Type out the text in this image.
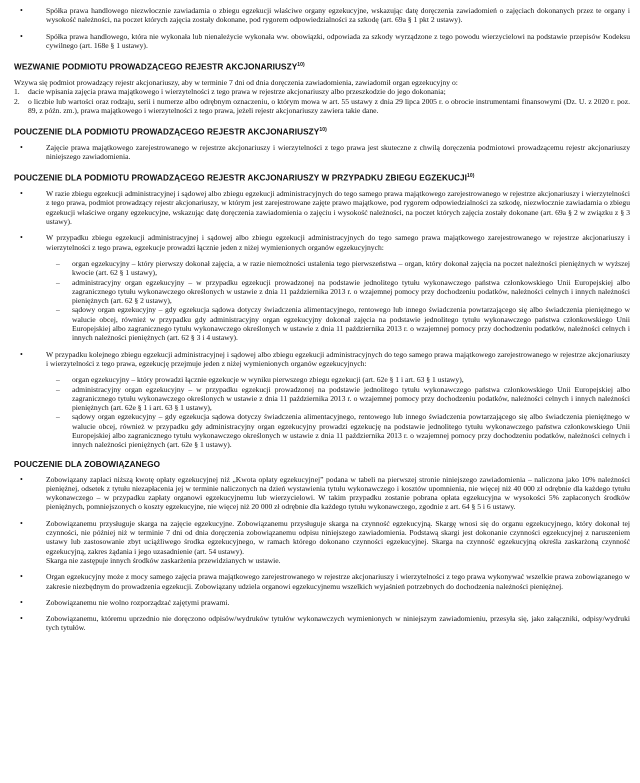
•	Spółka prawa handlowego niezwłocznie zawiadamia o zbiegu egzekucji właściwe organy egzekucyjne, wskazując datę doręczenia zawiadomień o zajęciach dokonanych przez te organy i wysokość należności, na poczet których zajęcia zostały dokonane, pod rygorem odpowiedzialności za szkodę (art. 69a § 1 pkt 2 ustawy).
•	Spółka prawa handlowego, która nie wykonała lub nienależycie wykonała ww. obowiązki, odpowiada za szkody wyrządzone z tego powodu wierzycielowi na podstawie przepisów Kodeksu cywilnego (art. 168e § 1 ustawy).
WEZWANIE PODMIOTU PROWADZĄCEGO REJESTR AKCJONARIUSZY$^{10)}$

Wzywa się podmiot prowadzący rejestr akcjonariuszy, aby w terminie 7 dni od dnia doręczenia zawiadomienia, zawiadomił organ egzekucyjny o:

1. dacie wpisania zajęcia prawa majątkowego i wierzytelności z tego prawa w rejestrze akcjonariuszy albo przeszkodzie do jego dokonania;
2. o liczbie lub wartości oraz rodzaju, serii i numerze albo odrębnym oznaczeniu, o którym mowa w art. 55 ustawy z dnia 29 lipca 2005 r. o obrocie instrumentami finansowymi (Dz. U. z 2020 r. poz. 89, z późn. zm.), prawa majątkowego i wierzytelności z tego prawa, jeżeli rejestr akcjonariuszy zawiera takie dane.
POUCZENIE DLA PODMIOTU PROWADZĄCEGO REJESTR AKCJONARIUSZY$^{10)}$
•	Zajęcie prawa majątkowego zarejestrowanego w rejestrze akcjonariuszy i wierzytelności z tego prawa jest skuteczne z chwilą doręczenia podmiotowi prowadzącemu rejestr akcjonariuszy niniejszego zawiadomienia.
POUCZENIE DLA PODMIOTU PROWADZĄCEGO REJESTR AKCJONARIUSZY W PRZYPADKU ZBIEGU EGZEKUCJI$^{10)}$
•	W razie zbiegu egzekucji administracyjnej i sądowej albo zbiegu egzekucji administracyjnych do tego samego prawa majątkowego zarejestrowanego w rejestrze akcjonariuszy i wierzytelności z tego prawa, podmiot prowadzący rejestr akcjonariuszy, w którym jest zarejestrowane zajęte prawo majątkowe, pod rygorem odpowiedzialności za szkodę, niezwłocznie zawiadamia o zbiegu egzekucji właściwe organy egzekucyjne, wskazując datę doręczenia zawiadomienia o zajęciu i wysokość należności, na poczet których zajęcia zostały dokonane (art. 69a § 2 w związku z § 3 ustawy).
•	W przypadku zbiegu egzekucji administracyjnej i sądowej albo zbiegu egzekucji administracyjnych do tego samego prawa majątkowego zarejestrowanego w rejestrze akcjonariuszy i wierzytelności z tego prawa, egzekucje prowadzi łącznie jeden z niżej wymienionych organów egzekucyjnych:
– organ egzekucyjny – który pierwszy dokonał zajęcia, a w razie niemożności ustalenia tego pierwszeństwa – organ, który dokonał zajęcia na poczet należności pieniężnych w wyższej kwocie (art. 62 § 1 ustawy),
– administracyjny organ egzekucyjny – w przypadku egzekucji prowadzonej na podstawie jednolitego tytułu wykonawczego państwa członkowskiego Unii Europejskiej albo zagranicznego tytułu wykonawczego określonych w ustawie z dnia 11 października 2013 r. o wzajemnej pomocy przy dochodzeniu podatków, należności celnych i innych należności pieniężnych (art. 62 § 2 ustawy),
– sądowy organ egzekucyjny – gdy egzekucja sądowa dotyczy świadczenia alimentacyjnego, rentowego lub innego świadczenia powtarzającego się albo świadczenia pieniężnego w walucie obcej, również w przypadku gdy administracyjny organ egzekucyjny dokonał zajęcia na podstawie jednolitego tytułu wykonawczego państwa członkowskiego Unii Europejskiej albo zagranicznego tytułu wykonawczego określonych w ustawie z dnia 11 października 2013 r. o wzajemnej pomocy przy dochodzeniu podatków, należności celnych i innych należności pieniężnych (art. 62 § 3 i 4 ustawy).
•	W przypadku kolejnego zbiegu egzekucji administracyjnej i sądowej albo zbiegu egzekucji administracyjnych do tego samego prawa majątkowego zarejestrowanego w rejestrze akcjonariuszy i wierzytelności z tego prawa, egzekucję przejmuje jeden z niżej wymienionych organów egzekucyjnych:
– organ egzekucyjny – który prowadzi łącznie egzekucje w wyniku pierwszego zbiegu egzekucji (art. 62e § 1 i art. 63 § 1 ustawy),
– administracyjny organ egzekucyjny – w przypadku egzekucji prowadzonej na podstawie jednolitego tytułu wykonawczego państwa członkowskiego Unii Europejskiej albo zagranicznego tytułu wykonawczego określonych w ustawie z dnia 11 października 2013 r. o wzajemnej pomocy przy dochodzeniu podatków, należności celnych i innych należności pieniężnych (art. 62e § 1 i art. 63 § 1 ustawy),
– sądowy organ egzekucyjny – gdy egzekucja sądowa dotyczy świadczenia alimentacyjnego, rentowego lub innego świadczenia powtarzającego się albo świadczenia pieniężnego w walucie obcej, również w przypadku gdy administracyjny organ egzekucyjny prowadzi egzekucję na podstawie jednolitego tytułu wykonawczego państwa członkowskiego Unii Europejskiej albo zagranicznego tytułu wykonawczego określonych w ustawie z dnia 11 października 2013 r. o wzajemnej pomocy przy dochodzeniu podatków, należności celnych i innych należności pieniężnych (art. 62e § 1 ustawy).
POUCZENIE DLA ZOBOWIĄZANEGO
•	Zobowiązany zapłaci niższą kwotę opłaty egzekucyjnej niż „Kwota opłaty egzekucyjnej” podana w tabeli na pierwszej stronie niniejszego zawiadomienia – naliczona jako 10% należności pieniężnej, odsetek z tytułu niezapłacenia jej w terminie naliczonych na dzień wystawienia tytułu wykonawczego i kosztów upomnienia, nie więcej niż 40 000 zł odrębnie dla każdego tytułu wykonawczego – w przypadku zapłaty organowi egzekucyjnemu lub wierzycielowi. W takim przypadku zostanie pobrana opłata egzekucyjna w wysokości 5% zapłaconych środków pieniężnych, pomniejszonych o koszty egzekucyjne, nie więcej niż 20 000 zł odrębnie dla każdego tytułu wykonawczego, zgodnie z art. 64 § 5 i 6 ustawy.
•	Zobowiązanemu przysługuje skarga na zajęcie egzekucyjne. Zobowiązanemu przysługuje skarga na czynność egzekucyjną. Skargę wnosi się do organu egzekucyjnego, który dokonał tej czynności, nie później niż w terminie 7 dni od dnia doręczenia zobowiązanemu odpisu niniejszego zawiadomienia. Podstawą skargi jest dokonanie czynności egzekucyjnej z naruszeniem ustawy lub zastosowanie zbyt uciążliwego środka egzekucyjnego, w ramach którego dokonano czynności egzekucyjnej. Skarga na czynność egzekucyjną określa zaskarżoną czynność egzekucyjną, zakres żądania i jego uzasadnienie (art. 54 ustawy).
Skarga nie zastępuje innych środków zaskarżenia przewidzianych w ustawie.
•	Organ egzekucyjny może z mocy samego zajęcia prawa majątkowego zarejestrowanego w rejestrze akcjonariuszy i wierzytelności z tego prawa wykonywać wszelkie prawa zobowiązanego w zakresie niezbędnym do prowadzenia egzekucji. Zobowiązany udziela organowi egzekucyjnemu wszelkich wyjaśnień potrzebnych do dochodzenia należności pieniężnej.
•	Zobowiązanemu nie wolno rozporządzać zajętymi prawami.
•	Zobowiązanemu, któremu uprzednio nie doręczono odpisów/wydruków tytułów wykonawczych wymienionych w niniejszym zawiadomieniu, przesyła się, jako załączniki, odpisy/wydruki tych tytułów.
